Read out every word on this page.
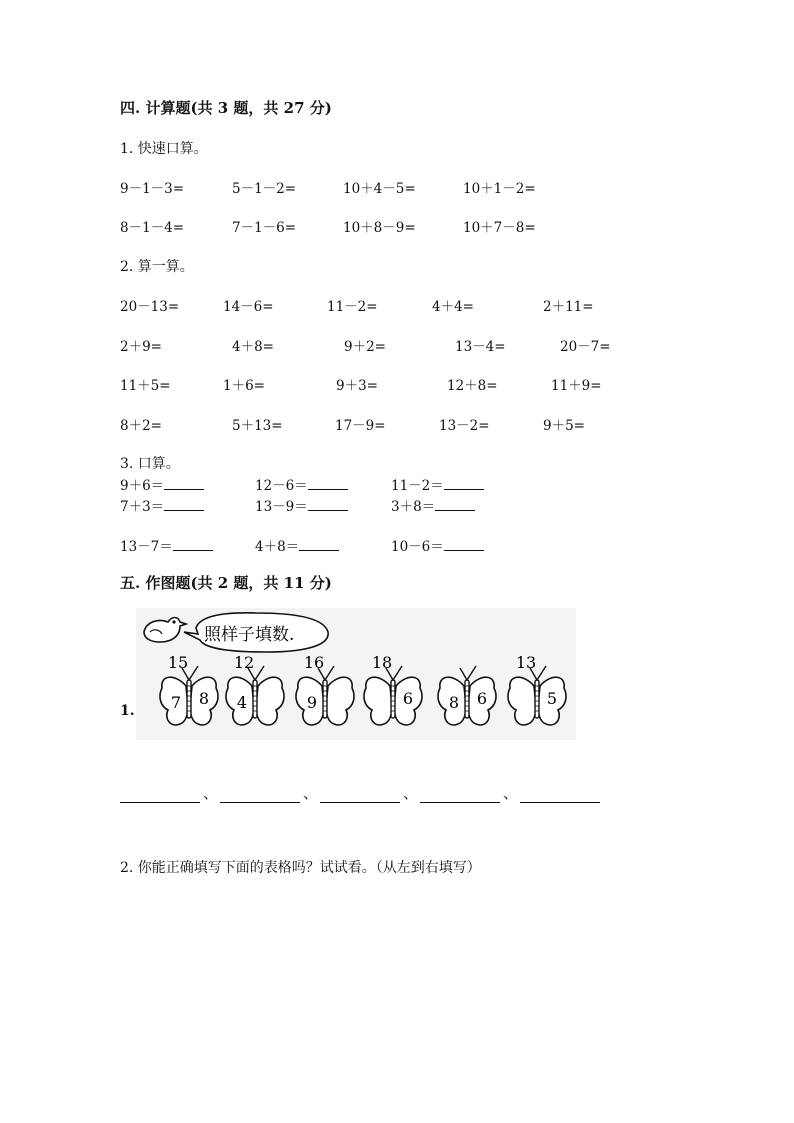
四. 计算题(共 3 题，共 27 分)
1. 快速口算。
9－1－3=	5－1－2=	10＋4－5=	10＋1－2=
8－1－4=	7－1－6=	10＋8－9=	10＋7－8=
2. 算一算。
20－13=	14－6=	11－2=	4＋4=	2＋11=
2＋9=	4＋8=	9＋2=	13－4=	20－7=
11＋5=	1＋6=	9＋3=	12＋8=	11＋9=
8＋2=	5＋13=	17－9=	13－2=	9＋5=
3. 口算。
9＋6＝	12－6＝	11－2＝
7＋3＝	13－9＝	3＋8＝
13－7＝	4＋8＝	10－6＝
五. 作图题(共 2 题，共 11 分)
1.
照样子填数.
15
7 8
12
4
16
9
18
6 8 6
13
5
、	、	、	、
2. 你能正确填写下面的表格吗？试试看。（从左到右填写）
